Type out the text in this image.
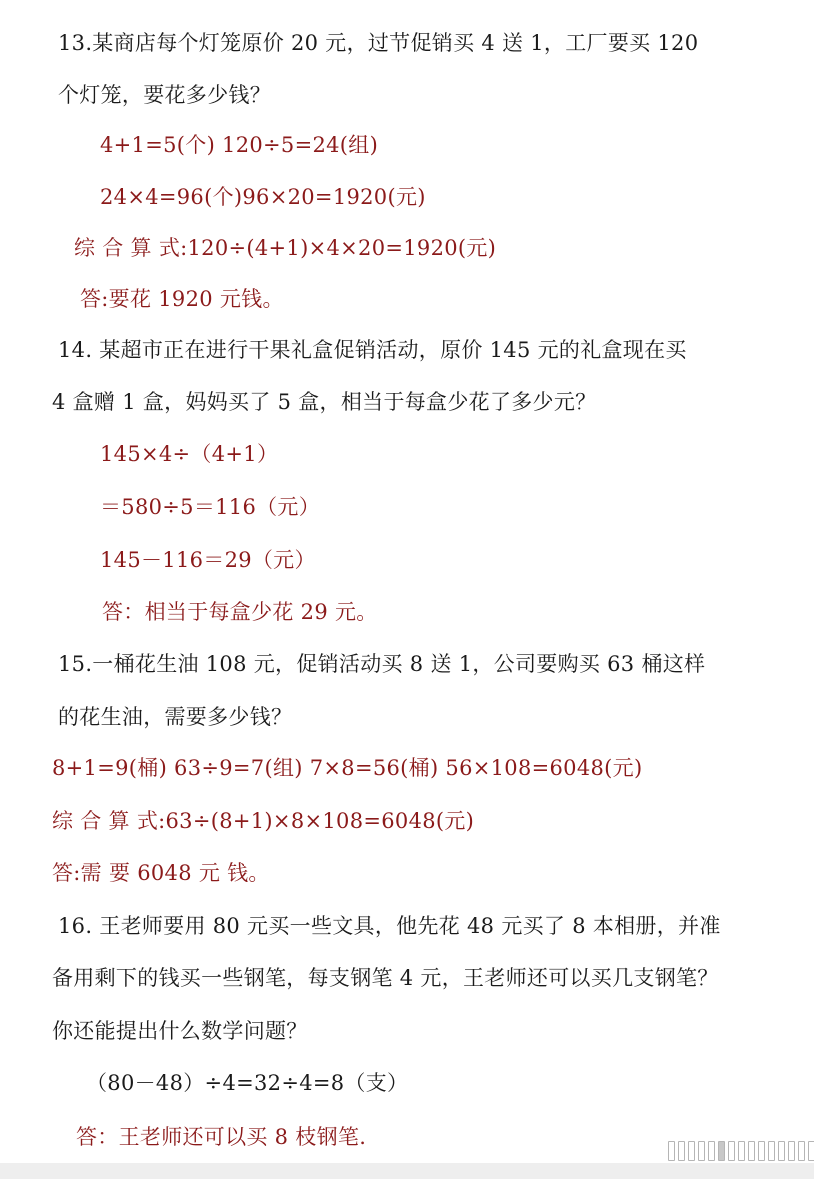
13.某商店每个灯笼原价 20 元，过节促销买 4 送 1，工厂要买 120
个灯笼，要花多少钱？
4+1=5(个) 120÷5=24(组)
24×4=96(个)96×20=1920(元)
综 合 算 式:120÷(4+1)×4×20=1920(元)
答:要花 1920 元钱。
14. 某超市正在进行干果礼盒促销活动，原价 145 元的礼盒现在买
4 盒赠 1 盒，妈妈买了 5 盒，相当于每盒少花了多少元？
145×4÷（4+1）
＝580÷5＝116（元）
145－116＝29（元）
答：相当于每盒少花 29 元。
15.一桶花生油 108 元，促销活动买 8 送 1，公司要购买 63 桶这样
的花生油，需要多少钱？
8+1=9(桶) 63÷9=7(组) 7×8=56(桶) 56×108=6048(元)
综 合 算 式:63÷(8+1)×8×108=6048(元)
答:需 要 6048 元 钱。
16. 王老师要用 80 元买一些文具，他先花 48 元买了 8 本相册，并准
备用剩下的钱买一些钢笔，每支钢笔 4 元，王老师还可以买几支钢笔？
你还能提出什么数学问题？
（80－48）÷4=32÷4=8（支）
答：王老师还可以买 8 枝钢笔.
